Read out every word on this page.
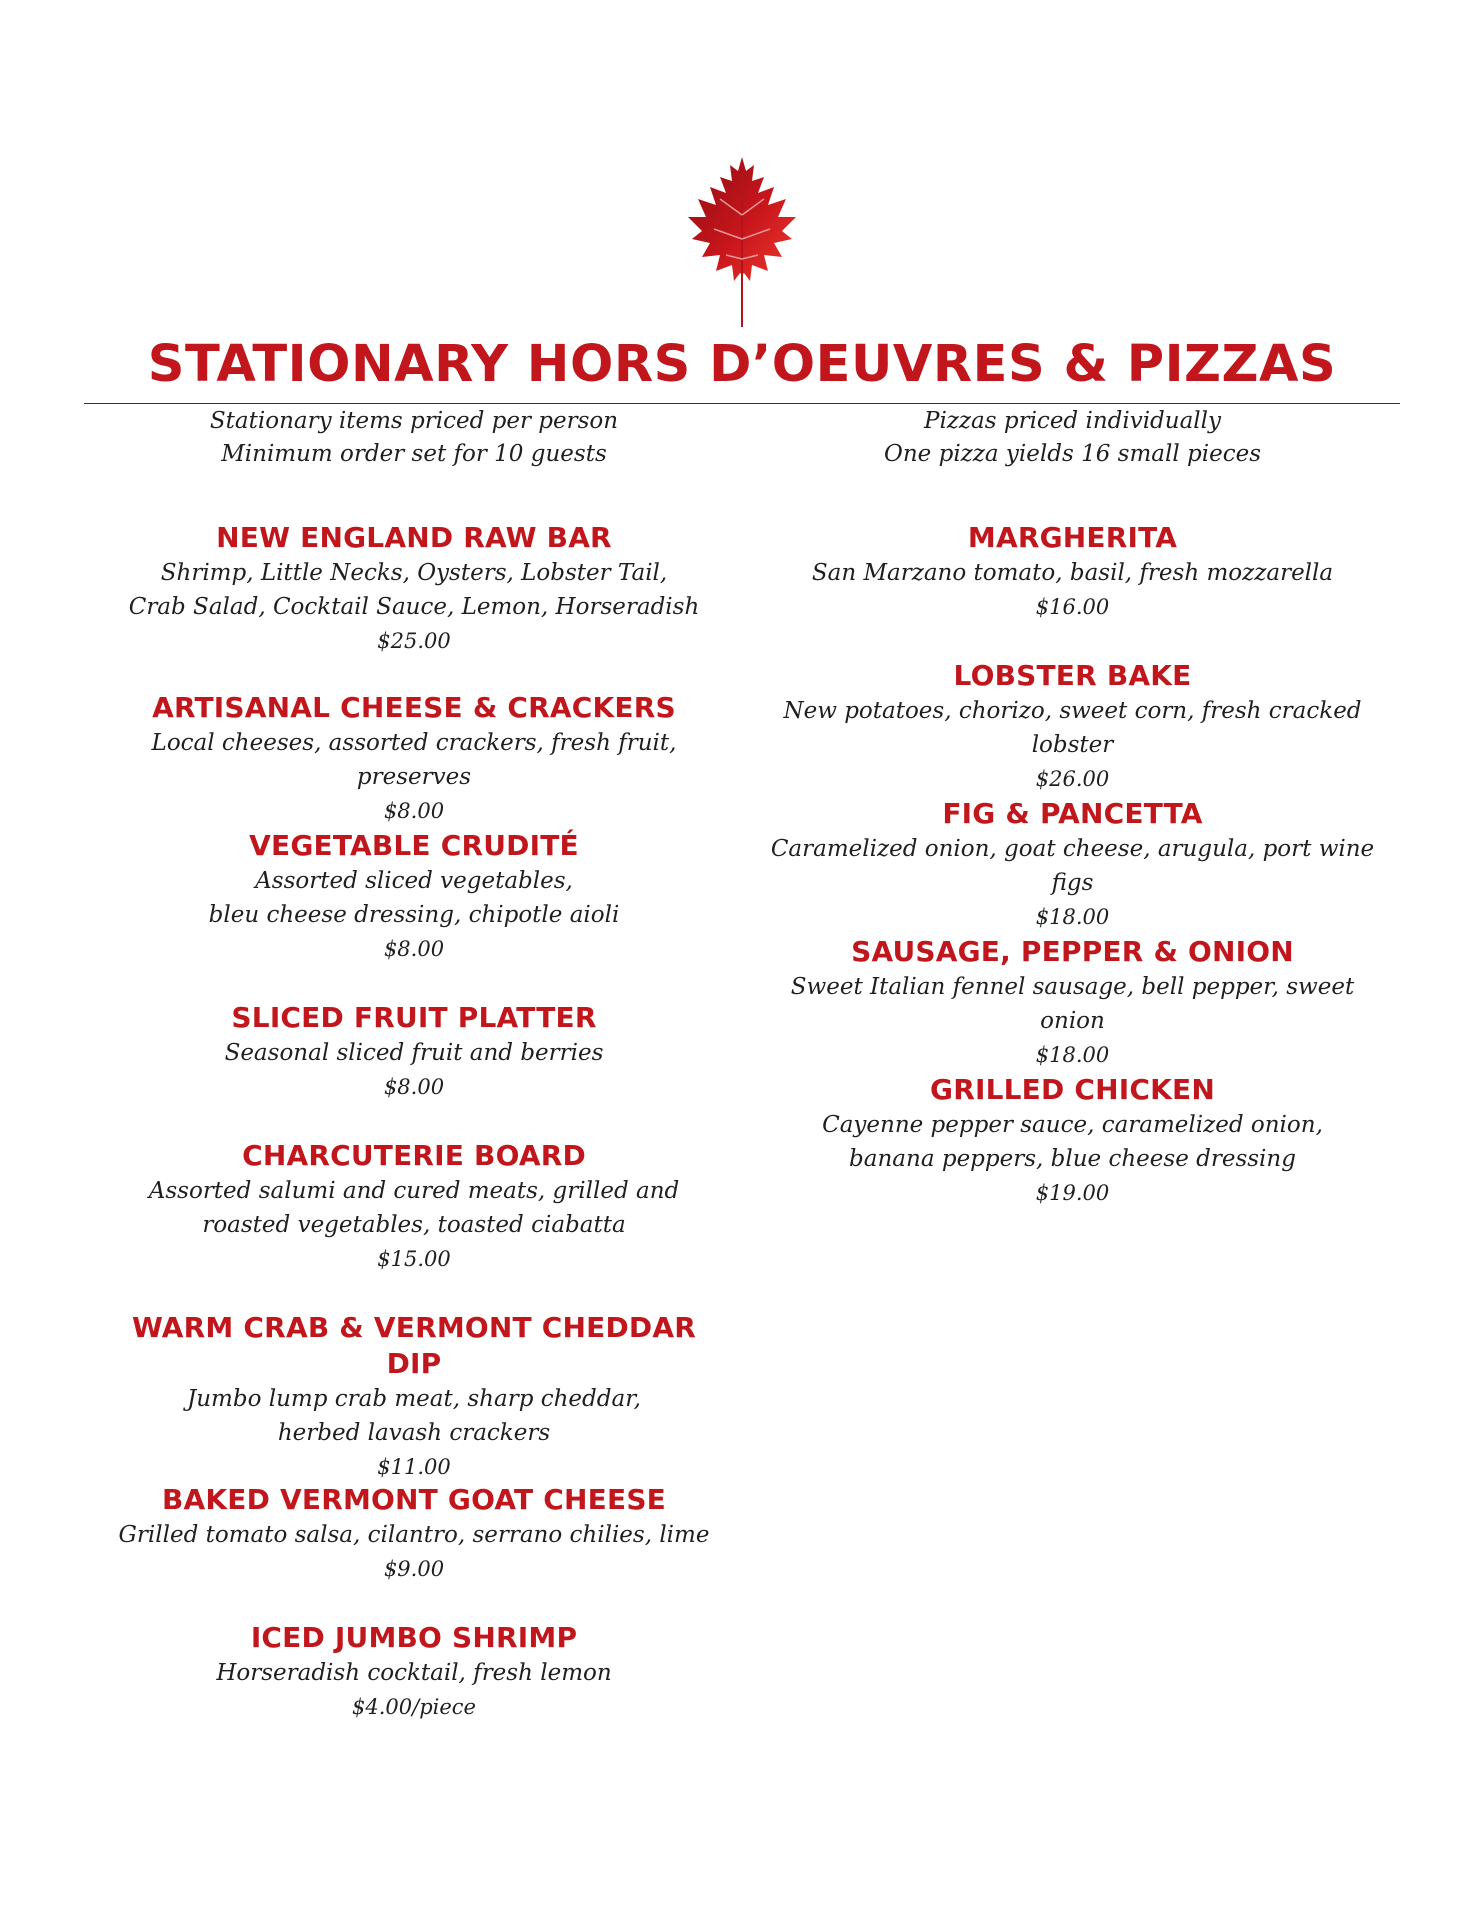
STATIONARY HORS D’OEUVRES & PIZZAS

Stationary items priced per person

Minimum order set for 10 guests

NEW ENGLAND RAW BAR

Shrimp, Little Necks, Oysters, Lobster Tail,
Crab Salad, Cocktail Sauce, Lemon, Horseradish

$25.00

ARTISANAL CHEESE & CRACKERS

Local cheeses, assorted crackers, fresh fruit, preserves

$8.00

VEGETABLE CRUDITÉ

Assorted sliced vegetables,
bleu cheese dressing, chipotle aioli

$8.00

SLICED FRUIT PLATTER

Seasonal sliced fruit and berries

$8.00

CHARCUTERIE BOARD

Assorted salumi and cured meats, grilled and
roasted vegetables, toasted ciabatta

$15.00

WARM CRAB & VERMONT CHEDDAR DIP

Jumbo lump crab meat, sharp cheddar,
herbed lavash crackers

$11.00

BAKED VERMONT GOAT CHEESE

Grilled tomato salsa, cilantro, serrano chilies, lime

$9.00

ICED JUMBO SHRIMP

Horseradish cocktail, fresh lemon

$4.00/piece

Pizzas priced individually

One pizza yields 16 small pieces

MARGHERITA

San Marzano tomato, basil, fresh mozzarella

$16.00

LOBSTER BAKE

New potatoes, chorizo, sweet corn, fresh cracked lobster

$26.00

FIG & PANCETTA

Caramelized onion, goat cheese, arugula, port wine figs

$18.00

SAUSAGE, PEPPER & ONION

Sweet Italian fennel sausage, bell pepper, sweet onion

$18.00

GRILLED CHICKEN

Cayenne pepper sauce, caramelized onion,
banana peppers, blue cheese dressing

$19.00
